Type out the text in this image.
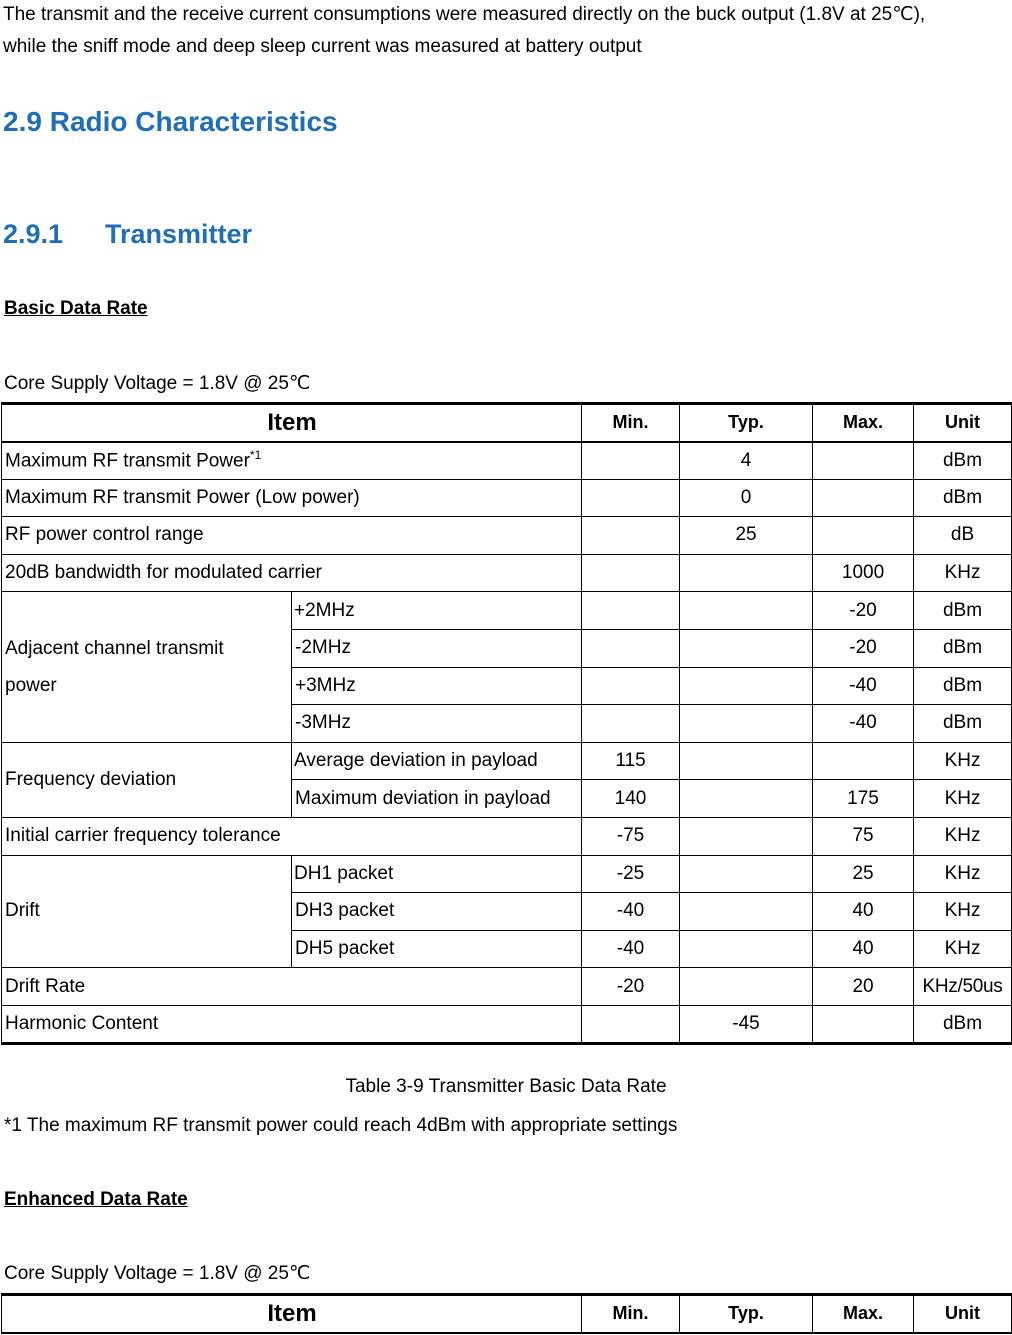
The transmit and the receive current consumptions were measured directly on the buck output (1.8V at 25℃),
while the sniff mode and deep sleep current was measured at battery output
2.9 Radio Characteristics
2.9.1 Transmitter
Basic Data Rate
Core Supply Voltage = 1.8V @ 25℃
Item		Min.	Typ.	Max.	Unit
Maximum RF transmit Power$^{*1}$			4		dBm
Maximum RF transmit Power (Low power)			0		dBm
RF power control range			25		dB
20dB bandwidth for modulated carrier				1000	KHz

Adjacent channel transmit
power	+2MHz			-20	dBm
	-2MHz			-20	dBm
	+3MHz			-40	dBm
	-3MHz			-40	dBm
Frequency deviation	Average deviation in payload	115			KHz
	Maximum deviation in payload	140		175	KHz
Initial carrier frequency tolerance		-75		75	KHz
Drift	DH1 packet	-25		25	KHz
	DH3 packet	-40		40	KHz
	DH5 packet	-40		40	KHz
Drift Rate		-20		20	KHz/50us
Harmonic Content			-45		dBm
Table 3-9 Transmitter Basic Data Rate
*1 The maximum RF transmit power could reach 4dBm with appropriate settings
Enhanced Data Rate
Core Supply Voltage = 1.8V @ 25℃
Item	Min.	Typ.	Max.	Unit
